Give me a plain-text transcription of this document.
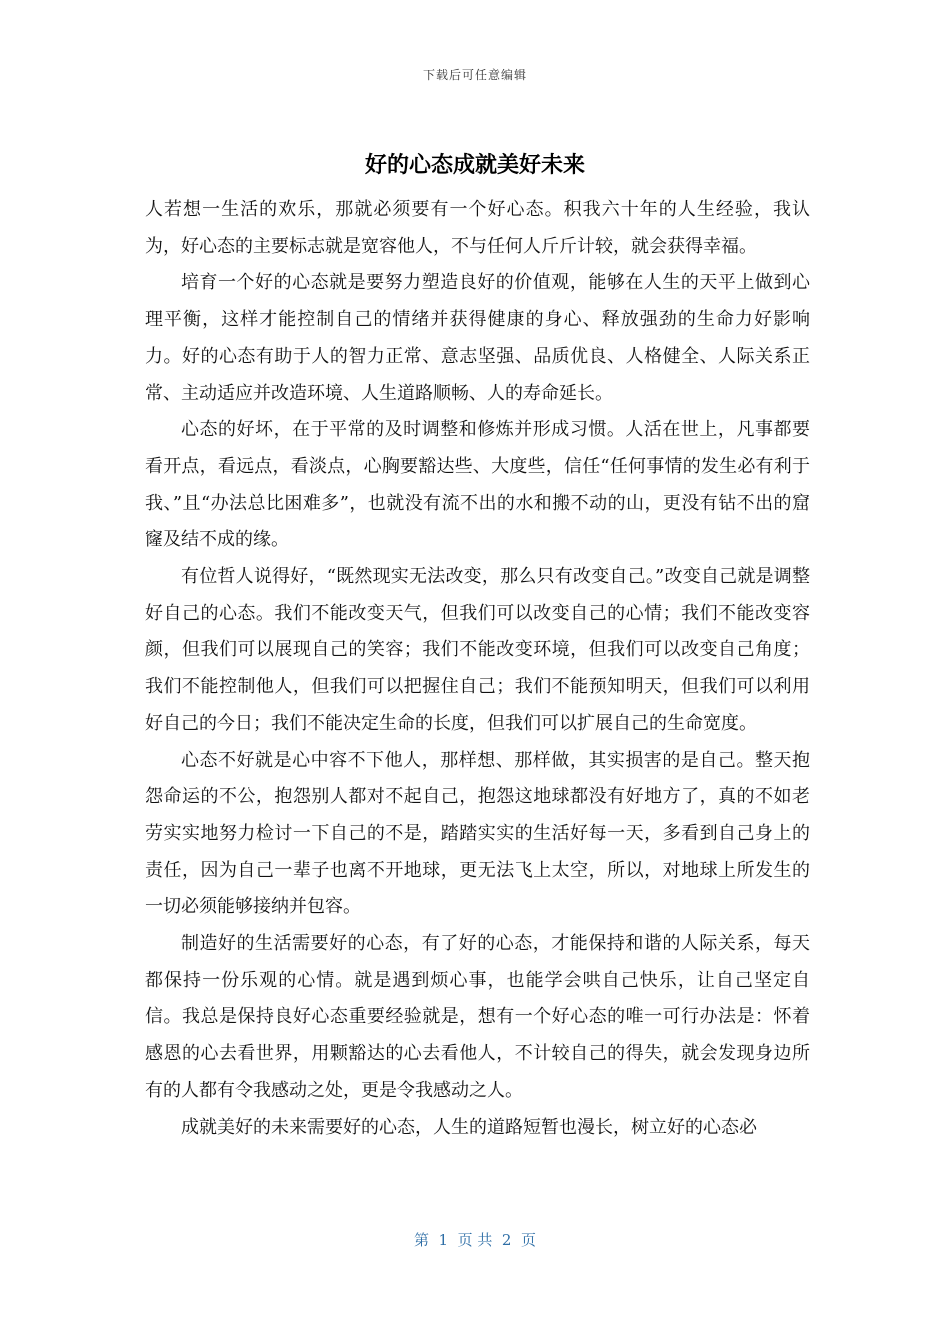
下载后可任意编辑
好的心态成就美好未来

人若想一生活的欢乐，那就必须要有一个好心态。积我六十年的人生经验，我认为，好心态的主要标志就是宽容他人，不与任何人斤斤计较，就会获得幸福。

培育一个好的心态就是要努力塑造良好的价值观，能够在人生的天平上做到心理平衡，这样才能控制自己的情绪并获得健康的身心、释放强劲的生命力好影响力。好的心态有助于人的智力正常、意志坚强、品质优良、人格健全、人际关系正常、主动适应并改造环境、人生道路顺畅、人的寿命延长。

心态的好坏，在于平常的及时调整和修炼并形成习惯。人活在世上，凡事都要看开点，看远点，看淡点，心胸要豁达些、大度些，信任“任何事情的发生必有利于我、”且“办法总比困难多”，也就没有流不出的水和搬不动的山，更没有钻不出的窟窿及结不成的缘。

有位哲人说得好，“既然现实无法改变，那么只有改变自己。”改变自己就是调整好自己的心态。我们不能改变天气，但我们可以改变自己的心情；我们不能改变容颜，但我们可以展现自己的笑容；我们不能改变环境，但我们可以改变自己角度；我们不能控制他人，但我们可以把握住自己；我们不能预知明天，但我们可以利用好自己的今日；我们不能决定生命的长度，但我们可以扩展自己的生命宽度。

心态不好就是心中容不下他人，那样想、那样做，其实损害的是自己。整天抱怨命运的不公，抱怨别人都对不起自己，抱怨这地球都没有好地方了，真的不如老劳实实地努力检讨一下自己的不是，踏踏实实的生活好每一天，多看到自己身上的责任，因为自己一辈子也离不开地球，更无法飞上太空，所以，对地球上所发生的一切必须能够接纳并包容。

制造好的生活需要好的心态，有了好的心态，才能保持和谐的人际关系，每天都保持一份乐观的心情。就是遇到烦心事，也能学会哄自己快乐，让自己坚定自信。我总是保持良好心态重要经验就是，想有一个好心态的唯一可行办法是：怀着感恩的心去看世界，用颗豁达的心去看他人，不计较自己的得失，就会发现身边所有的人都有令我感动之处，更是令我感动之人。

成就美好的未来需要好的心态，人生的道路短暂也漫长，树立好的心态必

第  1  页 共  2  页
